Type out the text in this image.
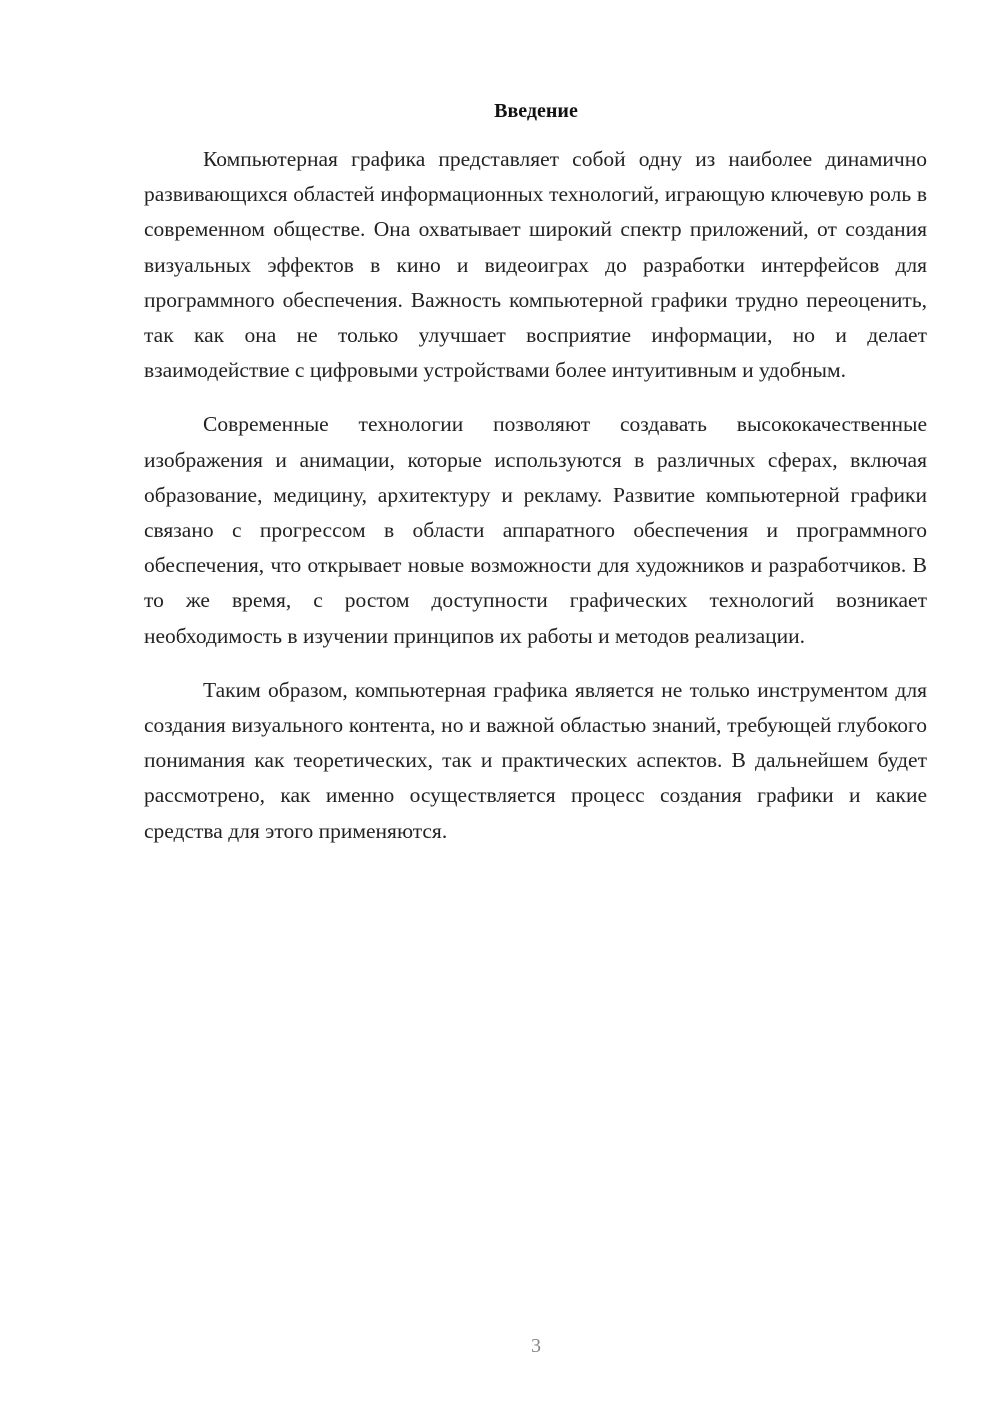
Введение

Компьютерная графика представляет собой одну из наиболее динамично развивающихся областей информационных технологий, играющую ключевую роль в современном обществе. Она охватывает широкий спектр приложений, от создания визуальных эффектов в кино и видеоиграх до разработки интерфейсов для программного обеспечения. Важность компьютерной графики трудно переоценить, так как она не только улучшает восприятие информации, но и делает взаимодействие с цифровыми устройствами более интуитивным и удобным.

Современные технологии позволяют создавать высококачественные изображения и анимации, которые используются в различных сферах, включая образование, медицину, архитектуру и рекламу. Развитие компьютерной графики связано с прогрессом в области аппаратного обеспечения и программного обеспечения, что открывает новые возможности для художников и разработчиков. В то же время, с ростом доступности графических технологий возникает необходимость в изучении принципов их работы и методов реализации.

Таким образом, компьютерная графика является не только инструментом для создания визуального контента, но и важной областью знаний, требующей глубокого понимания как теоретических, так и практических аспектов. В дальнейшем будет рассмотрено, как именно осуществляется процесс создания графики и какие средства для этого применяются.

3
